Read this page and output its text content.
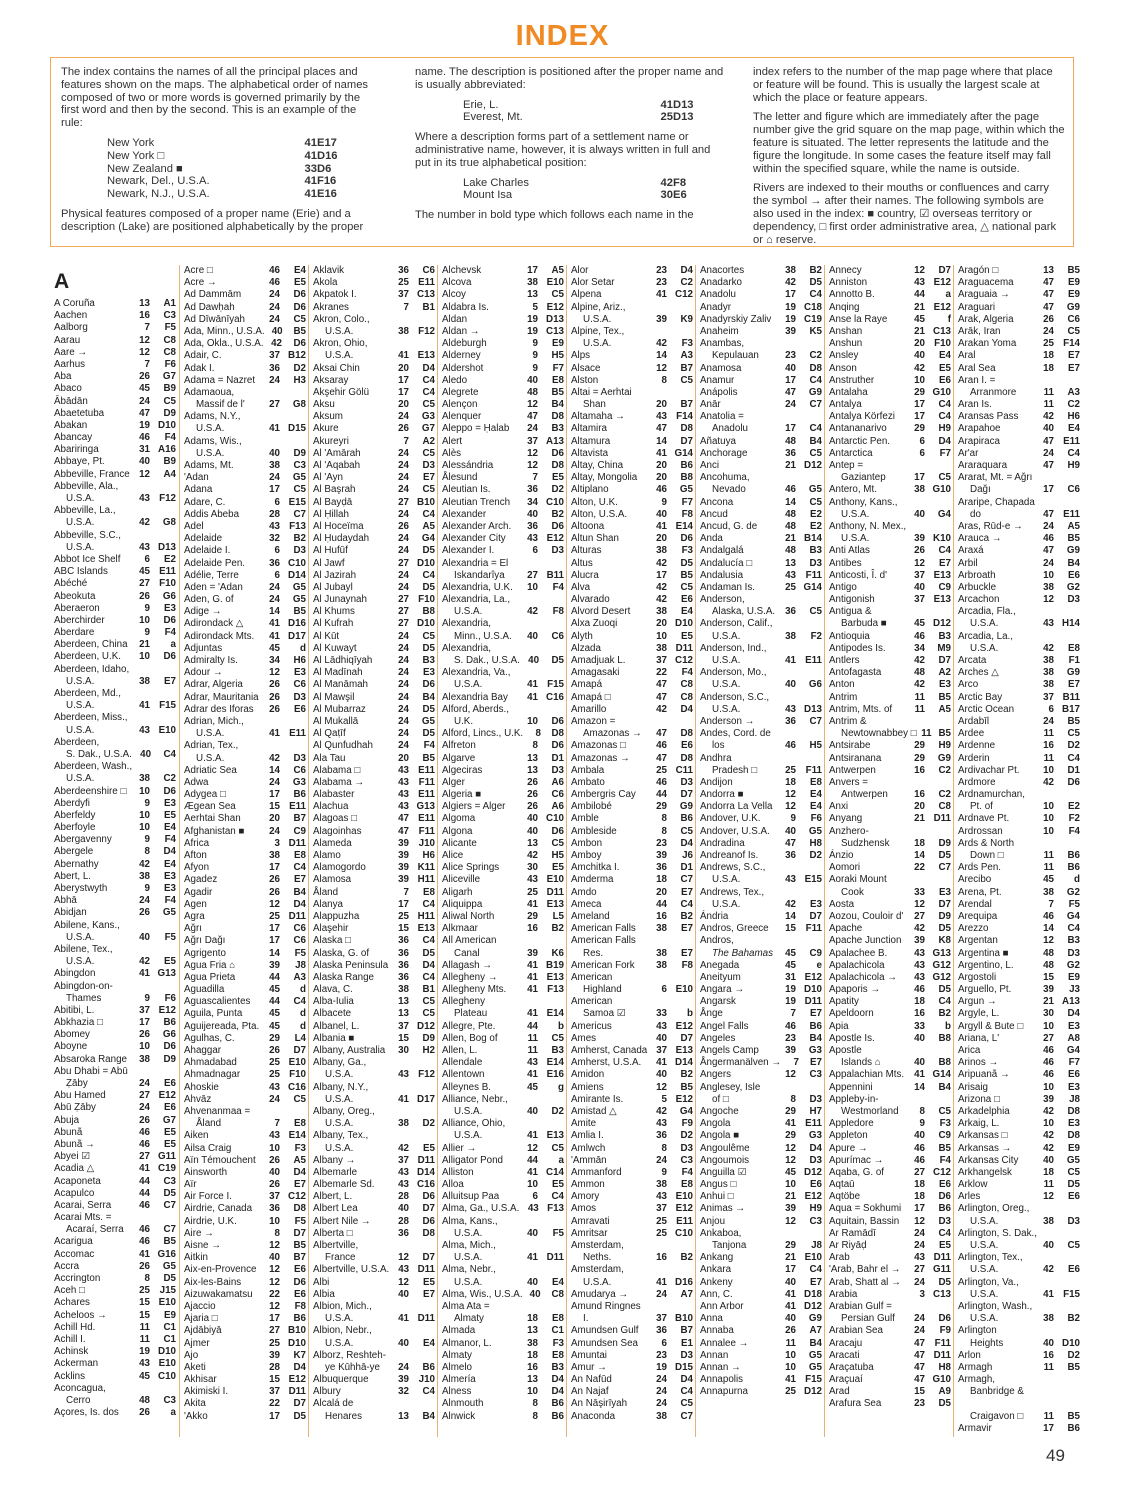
INDEX

The index contains the names of all the principal places and features shown on the maps. The alphabetical order of names composed of two or more words is governed primarily by the first word and then by the second. This is an example of the rule:

New York	41 E17
New York □	41 D16
New Zealand ■	33 D6
Newark, Del., U.S.A.	41 F16
Newark, N.J., U.S.A.	41 E16

Physical features composed of a proper name (Erie) and a description (Lake) are positioned alphabetically by the proper

name. The description is positioned after the proper name and is usually abbreviated:

Erie, L.	41 D13
Everest, Mt.	25 D13

Where a description forms part of a settlement name or administrative name, however, it is always written in full and put in its true alphabetical position:

Lake Charles	42 F8
Mount Isa	30 E6

The number in bold type which follows each name in the

index refers to the number of the map page where that place or feature will be found. This is usually the largest scale at which the place or feature appears.

The letter and figure which are immediately after the page number give the grid square on the map page, within which the feature is situated. The letter represents the latitude and the figure the longitude. In some cases the feature itself may fall within the specified square, while the name is outside.

Rivers are indexed to their mouths or confluences and carry the symbol → after their names. The following symbols are also used in the index: ■ country, ☑ overseas territory or dependency, □ first order administrative area, △ national park or ⌂ reserve.

A
A Coruña	13	A1
Aachen	16	C3
Aalborg	7	F5
Aarau	12	C8
Aare →	12	C8
Aarhus	7	F6
Aba	26	G7
Abaco	45	B9
Ābādān	24	C5
Abaetetuba	47	D9
Abakan	19 D10
Abancay	46	F4
Abariringa	31 A16
Abbaye, Pt.	40	B9
Abbeville, France 12	A4
Abbeville, Ala.,
U.S.A.	43 F12
Abbeville, La.,
U.S.A.	42	G8
Abbeville, S.C.,
U.S.A.	43 D13
Abbot Ice Shelf	6	E2
ABC Islands	45 E11
Abéché	27 F10
Abeokuta	26	G6
Aberaeron	9	E3
Aberchirder	10	D6
Aberdare	9	F4
Aberdeen, China	21	a
Aberdeen, U.K.	10	D6
Aberdeen, Idaho,
U.S.A.	38	E7
Aberdeen, Md.,
U.S.A.	41 F15
Aberdeen, Miss.,
U.S.A.	43 E10
Aberdeen,
S. Dak., U.S.A. 40	C4
Aberdeen, Wash.,
U.S.A.	38	C2
Aberdeenshire □	10	D6
Aberdyfi	9	E3
Aberfeldy	10	E5
Aberfoyle	10	E4
Abergavenny	9	F4
Abergele	8	D4
Abernathy	42	E4
Abert, L.	38	E3
Aberystwyth	9	E3
Abhā	24	F4
Abidjan	26	G5
Abilene, Kans.,
U.S.A.	40	F5
Abilene, Tex.,
U.S.A.	42	E5
Abingdon	41 G13
Abingdon-on-
Thames	9	F6
Abitibi, L.	37 E12
Abkhazia □	17	B6
Abomey	26	G6
Aboyne	10	D6
Absaroka Range	38	D9
Abu Dhabi = Abū
Ẓāby	24	E6
Abu Hamed	27 E12
Abū Ẓāby	24	E6
Abuja	26	G7
Abunã	46	E5
Abunã →	46	E5
Abyei ☑	27 G11
Acadia △	41 C19
Acaponeta	44	C3
Acapulco	44	D5
Acarai, Serra	46	C7
Acarai Mts. =
Acaraí, Serra	46	C7
Acarigua	46	B5
Accomac	41 G16
Accra	26	G5
Accrington	8	D5
Aceh □	25 J15
Achares	15 E10
Acheloos →	15	E9
Achill Hd.	11	C1
Achill I.	11	C1
Achinsk	19 D10
Ackerman	43 E10
Acklins	45 C10
Aconcagua,
Cerro	48	C3
Açores, Is. dos	26	a
Acre □	46	E4
Acre →	46	E5
Ad Dammām	24	D6
Ad Dawḥah	24	D6
Ad Dīwānīyah	24	C5
Ada, Minn., U.S.A. 40	B5
Ada, Okla., U.S.A. 42	D6
Adair, C.	37 B12
Adak I.	36	D2
Adama = Nazret	24	H3
Adamaoua,
Massif de l'	27	G8
Adams, N.Y.,
U.S.A.	41 D15
Adams, Wis.,
U.S.A.	40	D9
Adams, Mt.	38	C3
'Adan	24	G5
Adana	17	C5
Adare, C.	6 E15
Addis Abeba	28	C7
Adel	43 F13
Adelaide	32	B2
Adelaide I.	6	D3
Adelaide Pen.	36 C10
Adélie, Terre	6 D14
Aden = 'Adan	24	G5
Aden, G. of	24	G5
Adige →	14	B5
Adirondack △	41 D16
Adirondack Mts.	41 D17
Adjuntas	45	d
Admiralty Is.	34	H6
Adour →	12	E3
Adrar, Algeria	26	C6
Adrar, Mauritania	26	D3
Adrar des Iforas	26	E6
Adrian, Mich.,
U.S.A.	41 E11
Adrian, Tex.,
U.S.A.	42	D3
Adriatic Sea	14	C6
Adwa	24	G3
Adygea □	17	B6
Ægean Sea	15 E11
Aerhtai Shan	20	B7
Afghanistan ■	24	C9
Africa	3 D11
Afton	38	E8
Afyon	17	C4
Agadez	26	E7
Agadir	26	B4
Agen	12	D4
Agra	25 D11
Ağrı	17	C6
Ağrı Dağı	17	C6
Agrigento	14	F5
Agua Fria ⌂	39	J8
Agua Prieta	44	A3
Aguadilla	45	d
Aguascalientes	44	C4
Aguila, Punta	45	d
Aguijereada, Pta.	45	d
Agulhas, C.	29	L4
Ahaggar	26	D7
Ahmadabad	25 E10
Ahmadnagar	25 F10
Ahoskie	43 C16
Ahvāz	24	C5
Ahvenanmaa =
Åland	7	E8
Aiken	43 E14
Ailsa Craig	10	F3
Aïn Témouchent	26	A5
Ainsworth	40	D4
Aïr	26	E7
Air Force I.	37 C12
Airdrie, Canada	36	D8
Airdrie, U.K.	10	F5
Aire →	8	D7
Aisne →	12	B5
Aitkin	40	B7
Aix-en-Provence	12	E6
Aix-les-Bains	12	D6
Aizuwakamatsu	22	E6
Ajaccio	12	F8
Ajaria □	17	B6
Ajdābiyā	27 B10
Ajmer	25 D10
Ajo	39	K7
Aketi	28	D4
Akhisar	15 E12
Akimiski I.	37 D11
Akita	22	D7
'Akko	17	D5
Aklavik	36	C6
Akola	25 E11
Akpatok I.	37 C13
Akranes	7	B1
Akron, Colo.,
U.S.A.	38 F12
Akron, Ohio,
U.S.A.	41 E13
Aksai Chin	20	D4
Aksaray	17	C4
Akşehir Gölü	17	C4
Aksu	20	C5
Aksum	24	G3
Akure	26	G7
Akureyri	7	A2
Al 'Amārah	24	C5
Al 'Aqabah	24	D3
Al 'Ayn	24	E7
Al Başrah	24	C5
Al Bayḍā	27 B10
Al Ḥillah	24	C4
Al Hoceïma	26	A5
Al Ḥudaydah	24	G4
Al Hufūf	24	D5
Al Jawf	27 D10
Al Jazirah	24	C4
Al Jubayl	24	D5
Al Junaynah	27 F10
Al Khums	27	B8
Al Kufrah	27 D10
Al Kūt	24	C5
Al Kuwayt	24	D5
Al Lādhiqīyah	24	B3
Al Madīnah	24	E3
Al Manāmah	24	D6
Al Mawşil	24	B4
Al Mubarraz	24	D5
Al Mukallā	24	G5
Al Qaṭīf	24	D5
Al Qunfudhah	24	F4
Ala Tau	20	B5
Alabama □	43 E11
Alabama →	43 F11
Alabaster	43 E11
Alachua	43 G13
Alagoas □	47 E11
Alagoinhas	47 F11
Alameda	39 J10
Alamo	39	H6
Alamogordo	39 K11
Alamosa	39 H11
Åland	7	E8
Alanya	17	C4
Alappuzha	25 H11
Alaşehir	15 E13
Alaska □	36	C4
Alaska, G. of	36	D5
Alaska Peninsula	36	D4
Alaska Range	36	C4
Alava, C.	38	B1
Alba-Iulia	13	C5
Albacete	13	C5
Albanel, L.	37 D12
Albania ■	15	D9
Albany, Australia	30	H2
Albany, Ga.,
U.S.A.	43 F12
Albany, N.Y.,
U.S.A.	41 D17
Albany, Oreg.,
U.S.A.	38	D2
Albany, Tex.,
U.S.A.	42	E5
Albany →	37 D11
Albemarle	43 D14
Albemarle Sd.	43 C16
Albert, L.	28	D6
Albert Lea	40	D7
Albert Nile →	28	D6
Alberta □	36	D8
Albertville,
France	12	D7
Albertville, U.S.A. 43 D11
Albi	12	E5
Albia	40	E7
Albion, Mich.,
U.S.A.	41 D11
Albion, Nebr.,
U.S.A.	40	E4
Alborz, Reshteh-
ye Kūhhā-ye	24	B6
Albuquerque	39 J10
Albury	32	C4
Alcalá de
Henares	13	B4
Alchevsk	17	A5
Alcova	38 E10
Alcoy	13	C5
Aldabra Is.	5 E12
Aldan	19 D13
Aldan →	19 C13
Aldeburgh	9	E9
Alderney	9	H5
Aldershot	9	F7
Aledo	40	E8
Alegrete	48	B5
Alençon	12	B4
Alenquer	47	D8
Aleppo = Ḥalab	24	B3
Alert	37 A13
Alès	12	D6
Alessándria	12	D8
Ålesund	7	E5
Aleutian Is.	36	D2
Aleutian Trench	34 C10
Alexander	40	B2
Alexander Arch.	36	D6
Alexander City	43 E12
Alexander I.	6	D3
Alexandria = El
Iskandarîya	27 B11
Alexandria, U.K.	10	F4
Alexandria, La.,
U.S.A.	42	F8
Alexandria,
Minn., U.S.A.	40	C6
Alexandria,
S. Dak., U.S.A. 40	D5
Alexandria, Va.,
U.S.A.	41 F15
Alexandria Bay	41 C16
Alford, Aberds.,
U.K.	10	D6
Alford, Lincs., U.K.	8	D8
Alfreton	8	D6
Algarve	13	D1
Algeciras	13	D3
Alger	26	A6
Algeria ■	26	C6
Algiers = Alger	26	A6
Algoma	40 C10
Algona	40	D6
Alicante	13	C5
Alice	42	H5
Alice Springs	30	E5
Aliceville	43 E10
Aligarh	25 D11
Aliquippa	41 E13
Aliwal North	29	L5
Alkmaar	16	B2
All American
Canal	39	K6
Allagash →	41 B19
Allegheny →	41 E13
Allegheny Mts.	41 F13
Allegheny
Plateau	41 E14
Allegre, Pte.	44	b
Allen, Bog of	11	C5
Allen, L.	11	B3
Allendale	43 E14
Allentown	41 E16
Alleynes B.	45	g
Alliance, Nebr.,
U.S.A.	40	D2
Alliance, Ohio,
U.S.A.	41 E13
Allier →	12	C5
Alligator Pond	44	a
Alliston	41 C14
Alloa	10	E5
Alluitsup Paa	6	C4
Alma, Ga., U.S.A. 43 F13
Alma, Kans.,
U.S.A.	40	F5
Alma, Mich.,
U.S.A.	41 D11
Alma, Nebr.,
U.S.A.	40	E4
Alma, Wis., U.S.A. 40	C8
Alma Ata =
Almaty	18	E8
Almada	13	C1
Almanor, L.	38	F3
Almaty	18	E8
Almelo	16	B3
Almería	13	D4
Alness	10	D4
Alnmouth	8	B6
Alnwick	8	B6
Alor	23	D4
Alor Setar	23	C2
Alpena	41 C12
Alpine, Ariz.,
U.S.A.	39	K9
Alpine, Tex.,
U.S.A.	42	F3
Alps	14	A3
Alsace	12	B7
Alston	8	C5
Altai = Aerhtai
Shan	20	B7
Altamaha →	43 F14
Altamira	47	D8
Altamura	14	D7
Altavista	41 G14
Altay, China	20	B6
Altay, Mongolia	20	B8
Altiplano	46	G5
Alton, U.K.	9	F7
Alton, U.S.A.	40	F8
Altoona	41 E14
Altun Shan	20	D6
Alturas	38	F3
Altus	42	D5
Alucra	17	B5
Alva	42	C5
Alvarado	42	E6
Alvord Desert	38	E4
Alxa Zuoqi	20 D10
Alyth	10	E5
Alzada	38 D11
Amadjuak L.	37 C12
Amagasaki	22	F4
Amapá	47	C8
Amapá □	47	C8
Amarillo	42	D4
Amazon =
Amazonas →	47	D8
Amazonas □	46	E6
Amazonas →	47	D8
Ambala	25 C11
Ambato	46	D3
Ambergris Cay	44	D7
Ambilobé	29	G9
Amble	8	B6
Ambleside	8	C5
Ambon	23	D4
Amboy	39	J6
Amchitka I.	36	D1
Amderma	18	C7
Amdo	20	E7
Ameca	44	C4
Ameland	16	B2
American Falls	38	E7
American Falls
Res.	38	E7
American Fork	38	F8
American
Highland	6 E10
American
Samoa ☑	33	b
Americus	43 E12
Ames	40	D7
Amherst, Canada 37 E13
Amherst, U.S.A.	41 D14
Amidon	40	B2
Amiens	12	B5
Amirante Is.	5 E12
Amistad △	42	G4
Amite	43	F9
Amlia I.	36	D2
Amlwch	8	D3
'Ammān	24	C3
Ammanford	9	F4
Ammon	38	E8
Amory	43 E10
Amos	37 E12
Amravati	25 E11
Amritsar	25 C10
Amsterdam,
Neths.	16	B2
Amsterdam,
U.S.A.	41 D16
Amudarya →	24	A7
Amund Ringnes
I.	37 B10
Amundsen Gulf	36	B7
Amundsen Sea	6	E1
Amuntai	23	D3
Amur →	19 D15
An Nafūd	24	D4
An Najaf	24	C4
An Nāşirīyah	24	C5
Anaconda	38	C7
Anacortes	38	B2
Anadarko	42	D5
Anadolu	17	C4
Anadyr	19 C18
Anadyrskiy Zaliv	19 C19
Anaheim	39	K5
Anambas,
Kepulauan	23	C2
Anamosa	40	D8
Anamur	17	C4
Anápolis	47	G9
Anār	24	C7
Anatolia =
Anadolu	17	C4
Añatuya	48	B4
Anchorage	36	C5
Anci	21 D12
Ancohuma,
Nevado	46	G5
Ancona	14	C5
Ancud	48	E2
Ancud, G. de	48	E2
Anda	21 B14
Andalgalá	48	B3
Andalucía □	13	D3
Andalusia	43 F11
Andaman Is.	25 G14
Anderson,
Alaska, U.S.A.	36	C5
Anderson, Calif.,
U.S.A.	38	F2
Anderson, Ind.,
U.S.A.	41 E11
Anderson, Mo.,
U.S.A.	40	G6
Anderson, S.C.,
U.S.A.	43 D13
Anderson →	36	C7
Andes, Cord. de
los	46	H5
Andhra
Pradesh □	25 F11
Andijon	18	E8
Andorra ■	12	E4
Andorra La Vella	12	E4
Andover, U.K.	9	F6
Andover, U.S.A.	40	G5
Andradina	47	H8
Andreanof Is.	36	D2
Andrews, S.C.,
U.S.A.	43 E15
Andrews, Tex.,
U.S.A.	42	E3
Ándria	14	D7
Andros, Greece	15 F11
Andros,
The Bahamas	45	C9
Anegada	45	e
Aneityum	31 E12
Angara →	19 D10
Angarsk	19 D11
Ånge	7	E7
Angel Falls	46	B6
Angeles	23	B4
Angels Camp	39	G3
Ångermanälven →	7	E7
Angers	12	C3
Anglesey, Isle
of □	8	D3
Angoche	29	H7
Angola	41 E11
Angola ■	29	G3
Angoulême	12	D4
Angoumois	12	D3
Anguilla ☑	45 D12
Angus □	10	E6
Anhui □	21 E12
Animas →	39	H9
Anjou	12	C3
Ankaboa,
Tanjona	29	J8
Ankang	21 E10
Ankara	17	C4
Ankeny	40	E7
Ann, C.	41 D18
Ann Arbor	41 D12
Anna	40	G9
Annaba	26	A7
Annalee →	11	B4
Annan	10	G5
Annan →	10	G5
Annapolis	41 F15
Annapurna	25 D12
Annecy	12	D7
Anniston	43 E12
Annotto B.	44	a
Anqing	21 E12
Anse la Raye	45	f
Anshan	21 C13
Anshun	20 F10
Ansley	40	E4
Anson	42	E5
Anstruther	10	E6
Antalaha	29 G10
Antalya	17	C4
Antalya Körfezi	17	C4
Antananarivo	29	H9
Antarctic Pen.	6	D4
Antarctica	6	F7
Antep =
Gaziantep	17	C5
Antero, Mt.	38 G10
Anthony, Kans.,
U.S.A.	40	G4
Anthony, N. Mex.,
U.S.A.	39 K10
Anti Atlas	26	C4
Antibes	12	E7
Anticosti, Î. d'	37 E13
Antigo	40	C9
Antigonish	37 E13
Antigua &
Barbuda ■	45 D12
Antioquia	46	B3
Antipodes Is.	34	M9
Antlers	42	D7
Antofagasta	48	A2
Anton	42	E3
Antrim	11	B5
Antrim, Mts. of	11	A5
Antrim &
Newtownabbey □ 11 B5
Antsirabe	29	H9
Antsiranana	29	G9
Antwerpen	16	C2
Anvers =
Antwerpen	16	C2
Anxi	20	C8
Anyang	21 D11
Anzhero-
Sudzhensk	18	D9
Ánzio	14	D5
Aomori	22	C7
Aoraki Mount
Cook	33	E3
Aosta	12	D7
Aozou, Couloir d'	27	D9
Apache	42	D5
Apache Junction	39	K8
Apalachee B.	43 G13
Apalachicola	43 G12
Apalachicola →	43 G12
Apaporis →	46	D5
Apatity	18	C4
Apeldoorn	16	B2
Apia	33	b
Apostle Is.	40	B8
Apostle
Islands ⌂	40	B8
Appalachian Mts.	41 G14
Appennini	14	B4
Appleby-in-
Westmorland	8	C5
Appledore	9	F3
Appleton	40	C9
Apure →	46	B5
Apurímac →	46	F4
Aqaba, G. of	27 C12
Aqtaū	18	E6
Aqtöbe	18	D6
Aqua = Sokhumi	17	B6
Aquitain, Bassin	12	D3
Ar Ramādī	24	C4
Ar Riyāḍ	24	E5
Arab	43 D11
'Arab, Bahr el →	27 G11
Arab, Shatt al →	24	D5
Arabia	3 C13
Arabian Gulf =
Persian Gulf	24	D6
Arabian Sea	24	F9
Aracaju	47 F11
Aracati	47 D11
Araçatuba	47	H8
Araçuaí	47 G10
Arad	15	A9
Arafura Sea	23	D5
Aragón □	13	B5
Araguacema	47	E9
Araguaia →	47	E9
Araguari	47	G9
Arak, Algeria	26	C6
Arāk, Iran	24	C5
Arakan Yoma	25 F14
Aral	18	E7
Aral Sea	18	E7
Aran I. =
Arranmore	11	A3
Aran Is.	11	C2
Aransas Pass	42	H6
Arapahoe	40	E4
Arapiraca	47 E11
Ar'ar	24	C4
Araraquara	47	H9
Ararat, Mt. = Ağrı
Dağı	17	C6
Araripe, Chapada
do	47 E11
Aras, Rūd-e →	24	A5
Arauca →	46	B5
Araxá	47	G9
Arbil	24	B4
Arbroath	10	E6
Arbuckle	38	G2
Arcachon	12	D3
Arcadia, Fla.,
U.S.A.	43 H14
Arcadia, La.,
U.S.A.	42	E8
Arcata	38	F1
Arches △	38	G9
Arco	38	E7
Arctic Bay	37 B11
Arctic Ocean	6 B17
Ardabīl	24	B5
Ardee	11	C5
Ardenne	16	D2
Arderin	11	C4
Ardivachar Pt.	10	D1
Ardmore	42	D6
Ardnamurchan,
Pt. of	10	E2
Ardnave Pt.	10	F2
Ardrossan	10	F4
Ards & North
Down □	11	B6
Ards Pen.	11	B6
Arecibo	45	d
Arena, Pt.	38	G2
Arendal	7	F5
Arequipa	46	G4
Arezzo	14	C4
Argentan	12	B3
Argentina ■	48	D3
Argentino, L.	48	G2
Argostoli	15	E9
Arguello, Pt.	39	J3
Argun →	21 A13
Argyle, L.	30	D4
Argyll & Bute □	10	E3
Ariana, L'	27	A8
Arica	46	G4
Arinos →	46	F7
Aripuanã →	46	E6
Arisaig	10	E3
Arizona □	39	J8
Arkadelphia	42	D8
Arkaig, L.	10	E3
Arkansas □	42	D8
Arkansas →	42	E9
Arkansas City	40	G5
Arkhangelsk	18	C5
Arklow	11	D5
Arles	12	E6
Arlington, Oreg.,
U.S.A.	38	D3
Arlington, S. Dak.,
U.S.A.	40	C5
Arlington, Tex.,
U.S.A.	42	E6
Arlington, Va.,
U.S.A.	41 F15
Arlington, Wash.,
U.S.A.	38	B2
Arlington
Heights	40 D10
Arlon	16	D2
Armagh	11	B5
Armagh,
Banbridge &
Craigavon □	11	B5
Armavir	17	B6
49
